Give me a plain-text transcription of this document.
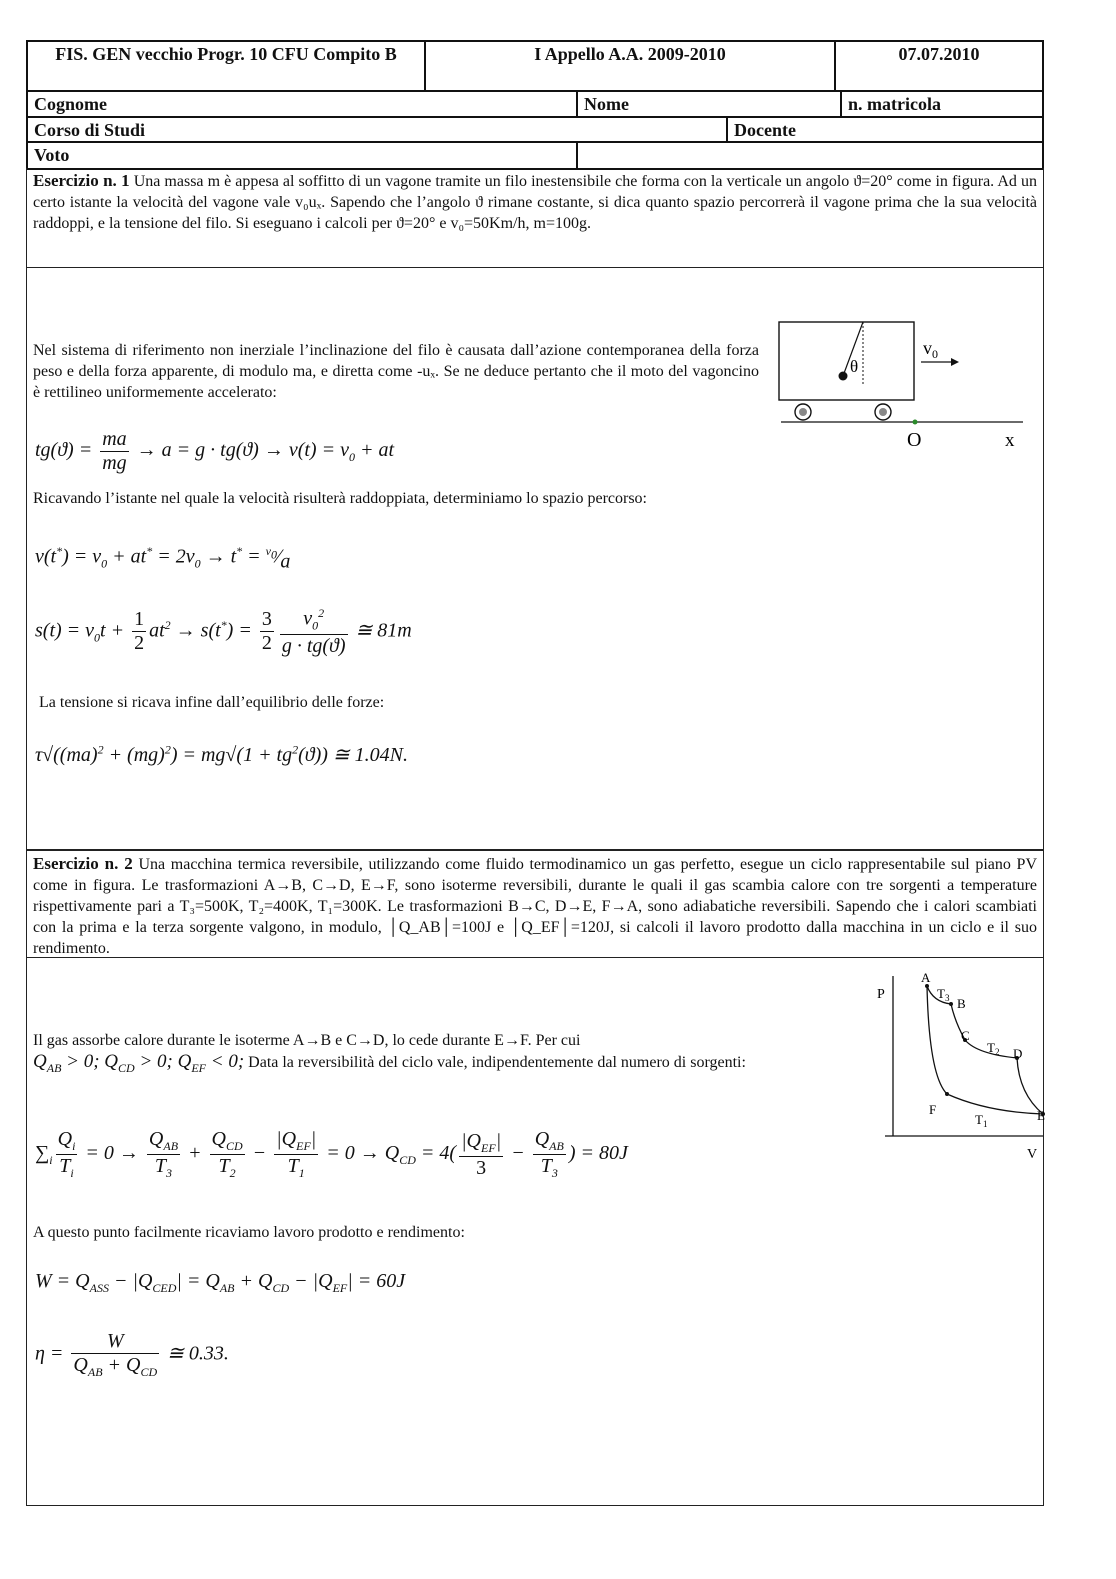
FIS. GEN vecchio Progr. 10 CFU Compito B	I Appello A.A. 2009-2010	07.07.2010
Cognome	Nome	n. matricola
Corso di Studi	Docente
Voto
Esercizio n. 1 Una massa m è appesa al soffitto di un vagone tramite un filo inestensibile che forma con la verticale un angolo ϑ=20° come in figura. Ad un certo istante la velocità del vagone vale v₀uₓ. Sapendo che l’angolo ϑ rimane costante, si dica quanto spazio percorrerà il vagone prima che la sua velocità raddoppi, e la tensione del filo. Si eseguano i calcoli per ϑ=20° e v₀=50Km/h, m=100g.
Nel sistema di riferimento non inerziale l’inclinazione del filo è causata dall’azione contemporanea della forza peso e della forza apparente, di modulo ma, e diretta come -uₓ. Se ne deduce pertanto che il moto del vagoncino è rettilineo uniformemente accelerato:
θ
$v_0$
O	x
$tg(ϑ) = \frac{ma}{mg} \to a = g \cdot tg(ϑ) \to v(t) = v_0$ + at
Ricavando l’istante nel quale la velocità risulterà raddoppiata, determiniamo lo spazio percorso:
$v(t^*) = v_0 + at^* = 2v_0 \to t^*$ = $^{v_0}⁄_a$
$s(t) = v_0t + \frac{1}{2} at^2 \to s(t^*) = \frac{3}{2} \frac{v_0^2}{g \cdot tg(ϑ)}$ ≅ 81m
La tensione si ricava infine dall’equilibrio delle forze:
$\tau√((ma)^2 + (mg)^2) = mg√(1 + tg^2(ϑ))$ ≅ 1.04N.
Esercizio n. 2 Una macchina termica reversibile, utilizzando come fluido termodinamico un gas perfetto, esegue un ciclo rappresentabile sul piano PV come in figura. Le trasformazioni A→B, C→D, E→F, sono isoterme reversibili, durante le quali il gas scambia calore con tre sorgenti a temperature rispettivamente pari a T₃=500K, T₂=400K, T₁=300K. Le trasformazioni B→C, D→E, F→A, sono adiabatiche reversibili. Sapendo che i calori scambiati con la prima e la terza sorgente valgono, in modulo, │Q_AB│=100J e │Q_EF│=120J, si calcoli il lavoro prodotto dalla macchina in un ciclo e il suo rendimento.
P
V
A
B
C
D
E
F
$T_3$
$T_2$
$T_1$
Il gas assorbe calore durante le isoterme A→B e C→D, lo cede durante E→F. Per cui
$Q_{AB} > 0$; $Q_{CD} > 0$; $Q_{EF} < 0$; Data la reversibilità del ciclo vale, indipendentemente dal numero di sorgenti:
$\sum_i \frac{Q_i}{T_i} = 0 \to \frac{Q_{AB}}{T_3} + \frac{Q_{CD}}{T_2} - \frac{|Q_{EF}|}{T_1} = 0 \to Q_{CD} = 4( \frac{|Q_{EF}|}{3} - \frac{Q_{AB}}{T_3}$ ) = 80J
A questo punto facilmente ricaviamo lavoro prodotto e rendimento:
$W = Q_{ASS} - |Q_{CED}| = Q_{AB} + Q_{CD} - |Q_{EF}| = 60J$
$\eta = \frac{W}{Q_{AB} + Q_{CD}}$ ≅ 0.33.
